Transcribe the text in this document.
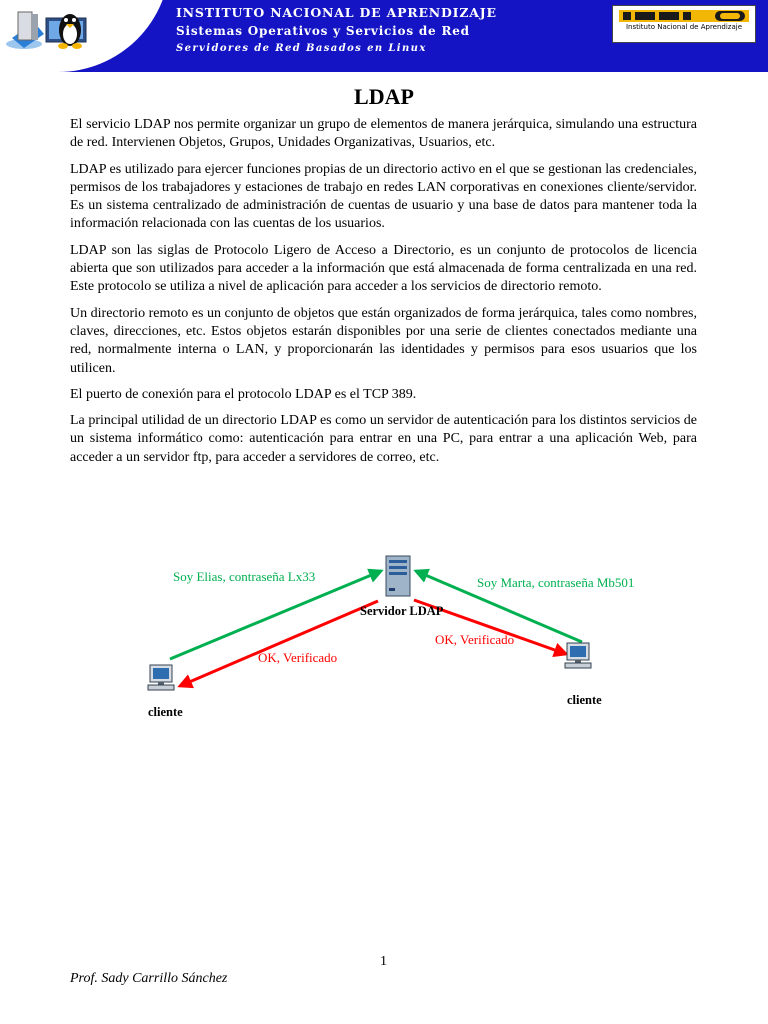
INSTITUTO NACIONAL DE APRENDIZAJE
Sistemas Operativos y Servicios de Red
Servidores de Red Basados en Linux
Instituto Nacional de Aprendizaje
LDAP

El servicio LDAP nos permite organizar un grupo de elementos de manera jerárquica, simulando una estructura de red. Intervienen Objetos, Grupos, Unidades Organizativas, Usuarios, etc.

LDAP es utilizado para ejercer funciones propias de un directorio activo en el que se gestionan las credenciales, permisos de los trabajadores y estaciones de trabajo en redes LAN corporativas en conexiones cliente/servidor. Es un sistema centralizado de administración de cuentas de usuario y una base de datos para mantener toda la información relacionada con las cuentas de los usuarios.

LDAP son las siglas de Protocolo Ligero de Acceso a Directorio, es un conjunto de protocolos de licencia abierta que son utilizados para acceder a la información que está almacenada de forma centralizada en una red. Este protocolo se utiliza a nivel de aplicación para acceder a los servicios de directorio remoto.

Un directorio remoto es un conjunto de objetos que están organizados de forma jerárquica, tales como nombres, claves, direcciones, etc. Estos objetos estarán disponibles por una serie de clientes conectados mediante una red, normalmente interna o LAN, y proporcionarán las identidades y permisos para esos usuarios que los utilicen.

El puerto de conexión para el protocolo LDAP es el TCP 389.

La principal utilidad de un directorio LDAP es como un servidor de autenticación para los distintos servicios de un sistema informático como: autenticación para entrar en una PC, para entrar a una aplicación Web, para acceder a un servidor ftp, para acceder a servidores de correo, etc.

Soy Elias, contraseña Lx33	Soy Marta, contraseña Mb501
Servidor LDAP
OK, Verificado
OK, Verificado
cliente
cliente
1
Prof. Sady Carrillo Sánchez
